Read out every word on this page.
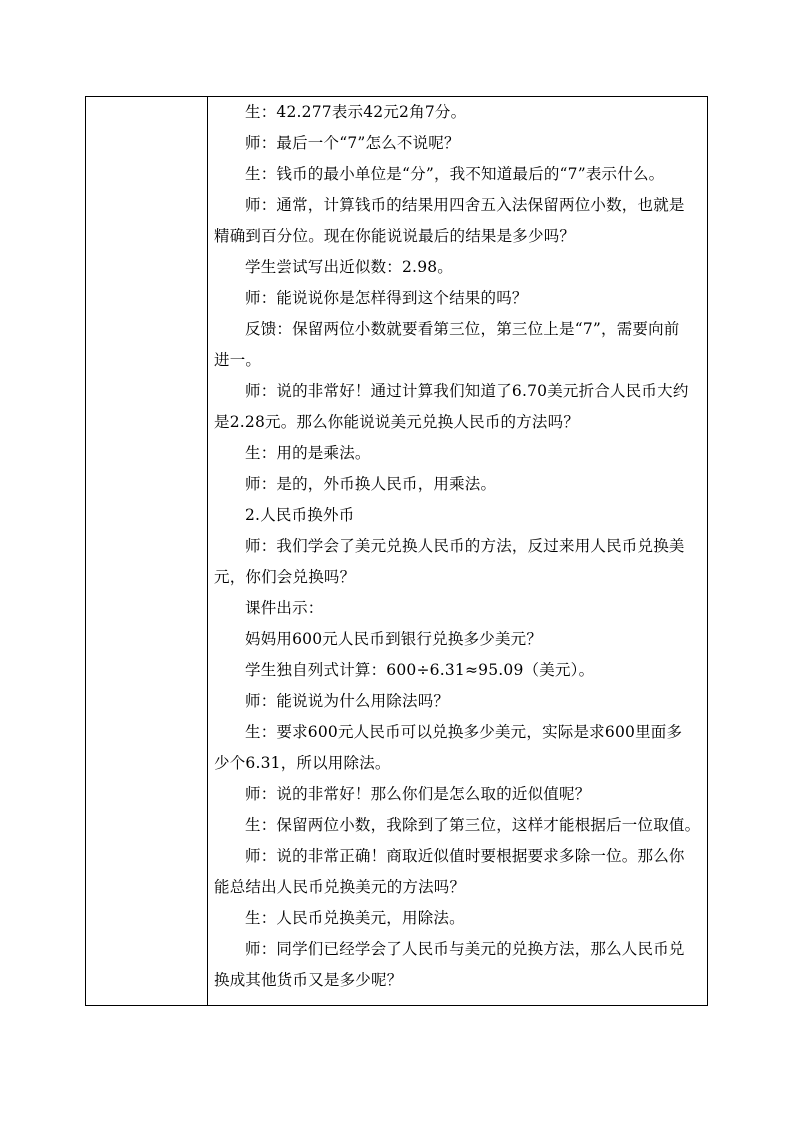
生：42.277表示42元2角7分。

师：最后一个“7”怎么不说呢？

生：钱币的最小单位是“分”，我不知道最后的“7”表示什么。

师：通常，计算钱币的结果用四舍五入法保留两位小数，也就是

精确到百分位。现在你能说说最后的结果是多少吗？

学生尝试写出近似数：2.98。

师：能说说你是怎样得到这个结果的吗？

反馈：保留两位小数就要看第三位，第三位上是“7”，需要向前

进一。

师：说的非常好！通过计算我们知道了6.70美元折合人民币大约

是2.28元。那么你能说说美元兑换人民币的方法吗？

生：用的是乘法。

师：是的，外币换人民币，用乘法。

2.人民币换外币

师：我们学会了美元兑换人民币的方法，反过来用人民币兑换美

元，你们会兑换吗？

课件出示：

妈妈用600元人民币到银行兑换多少美元？

学生独自列式计算：600÷6.31≈95.09（美元）。

师：能说说为什么用除法吗？

生：要求600元人民币可以兑换多少美元，实际是求600里面多

少个6.31，所以用除法。

师：说的非常好！那么你们是怎么取的近似值呢？

生：保留两位小数，我除到了第三位，这样才能根据后一位取值。

师：说的非常正确！商取近似值时要根据要求多除一位。那么你

能总结出人民币兑换美元的方法吗？

生：人民币兑换美元，用除法。

师：同学们已经学会了人民币与美元的兑换方法，那么人民币兑

换成其他货币又是多少呢？
